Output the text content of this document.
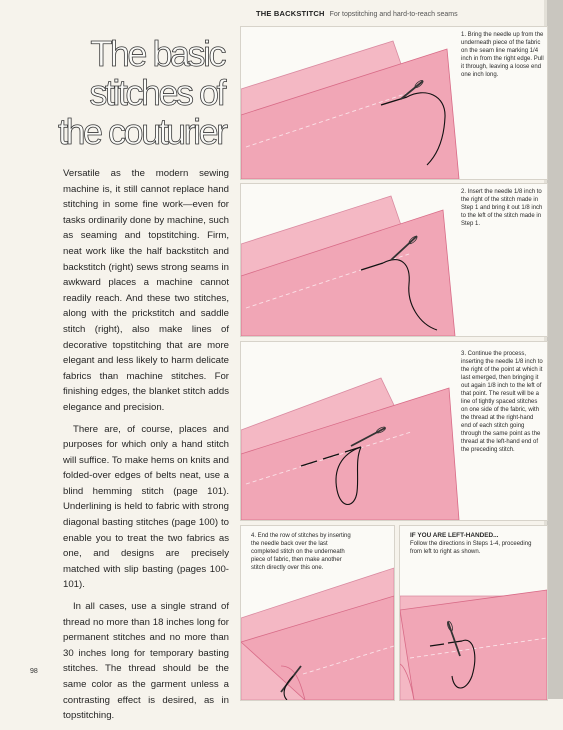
THE BACKSTITCH For topstitching and hard-to-reach seams
The basic
stitches of
the couturier

Versatile as the modern sewing machine is, it still cannot replace hand stitching in some fine work—even for tasks ordinarily done by machine, such as seaming and topstitching. Firm, neat work like the half backstitch and backstitch (right) sews strong seams in awkward places a machine cannot readily reach. And these two stitches, along with the prickstitch and saddle stitch (right), also make lines of decorative topstitching that are more elegant and less likely to harm delicate fabrics than machine stitches. For finishing edges, the blanket stitch adds elegance and precision.

There are, of course, places and purposes for which only a hand stitch will suffice. To make hems on knits and folded-over edges of belts neat, use a blind hemming stitch (page 101). Underlining is held to fabric with strong diagonal basting stitches (page 100) to enable you to treat the two fabrics as one, and designs are precisely matched with slip basting (pages 100-101).

In all cases, use a single strand of thread no more than 18 inches long for permanent stitches and no more than 30 inches long for temporary basting stitches. The thread should be the same color as the garment unless a contrasting effect is desired, as in topstitching.

98
1. Bring the needle up from the underneath piece of the fabric on the seam line marking 1/4 inch in from the right edge. Pull it through, leaving a loose end one inch long.
2. Insert the needle 1/8 inch to the right of the stitch made in Step 1 and bring it out 1/8 inch to the left of the stitch made in Step 1.
3. Continue the process, inserting the needle 1/8 inch to the right of the point at which it last emerged, then bringing it out again 1/8 inch to the left of that point. The result will be a line of tightly spaced stitches on one side of the fabric, with the thread at the right-hand end of each stitch going through the same point as the thread at the left-hand end of the preceding stitch.
4. End the row of stitches by inserting the needle back over the last completed stitch on the underneath piece of fabric, then make another stitch directly over this one.
IF YOU ARE LEFT-HANDED...
Follow the directions in Steps 1-4, proceeding from left to right as shown.
